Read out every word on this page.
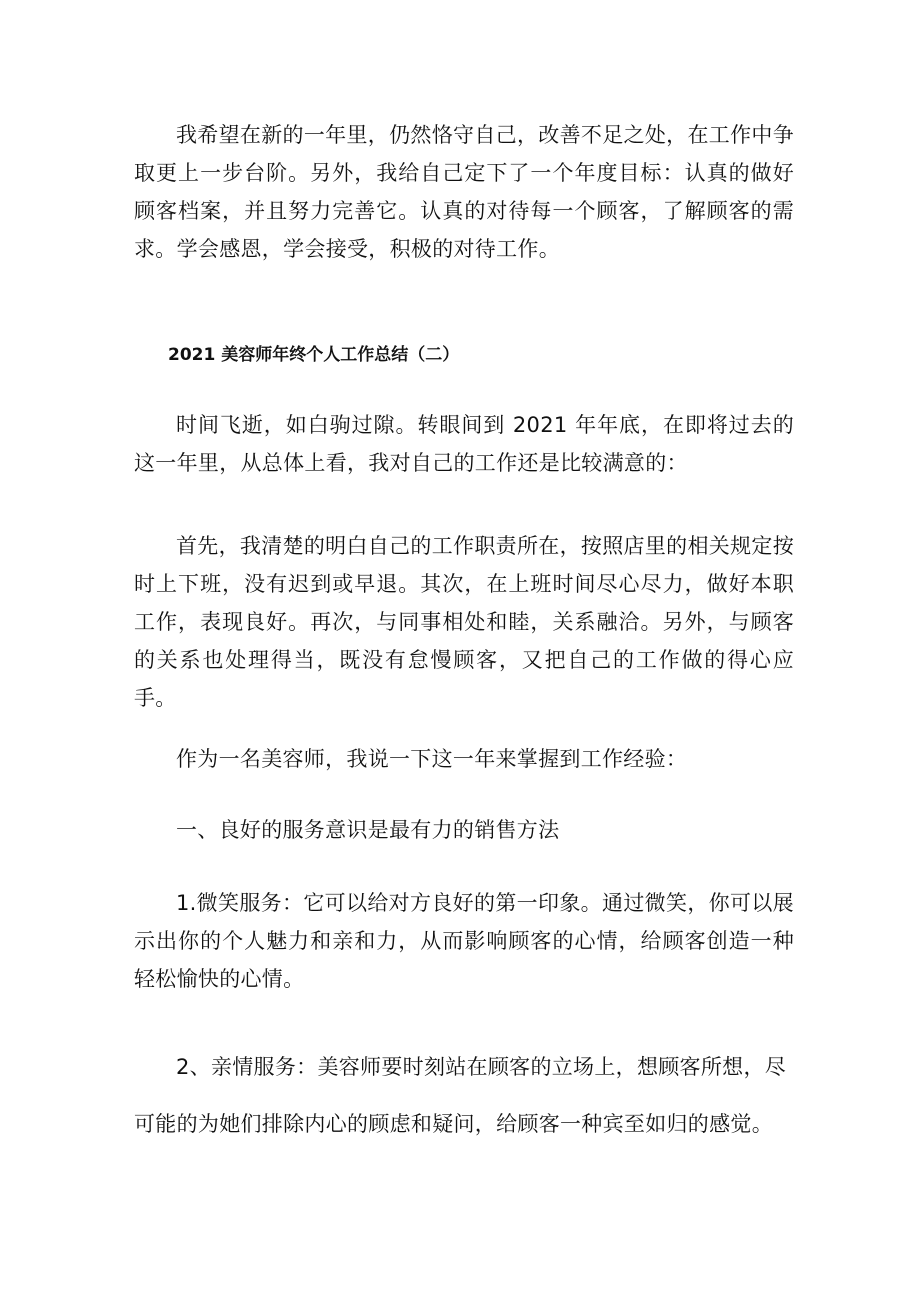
我希望在新的一年里，仍然恪守自己，改善不足之处，在工作中争取更上一步台阶。另外，我给自己定下了一个年度目标：认真的做好顾客档案，并且努力完善它。认真的对待每一个顾客，了解顾客的需求。学会感恩，学会接受，积极的对待工作。

2021 美容师年终个人工作总结（二）

时间飞逝，如白驹过隙。转眼间到 2021 年年底，在即将过去的这一年里，从总体上看，我对自己的工作还是比较满意的：

首先，我清楚的明白自己的工作职责所在，按照店里的相关规定按时上下班，没有迟到或早退。其次，在上班时间尽心尽力，做好本职工作，表现良好。再次，与同事相处和睦，关系融洽。另外，与顾客的关系也处理得当，既没有怠慢顾客，又把自己的工作做的得心应手。

作为一名美容师，我说一下这一年来掌握到工作经验：

一、良好的服务意识是最有力的销售方法

1.微笑服务：它可以给对方良好的第一印象。通过微笑，你可以展示出你的个人魅力和亲和力，从而影响顾客的心情，给顾客创造一种轻松愉快的心情。

2、亲情服务：美容师要时刻站在顾客的立场上，想顾客所想，尽

可能的为她们排除内心的顾虑和疑问，给顾客一种宾至如归的感觉。
